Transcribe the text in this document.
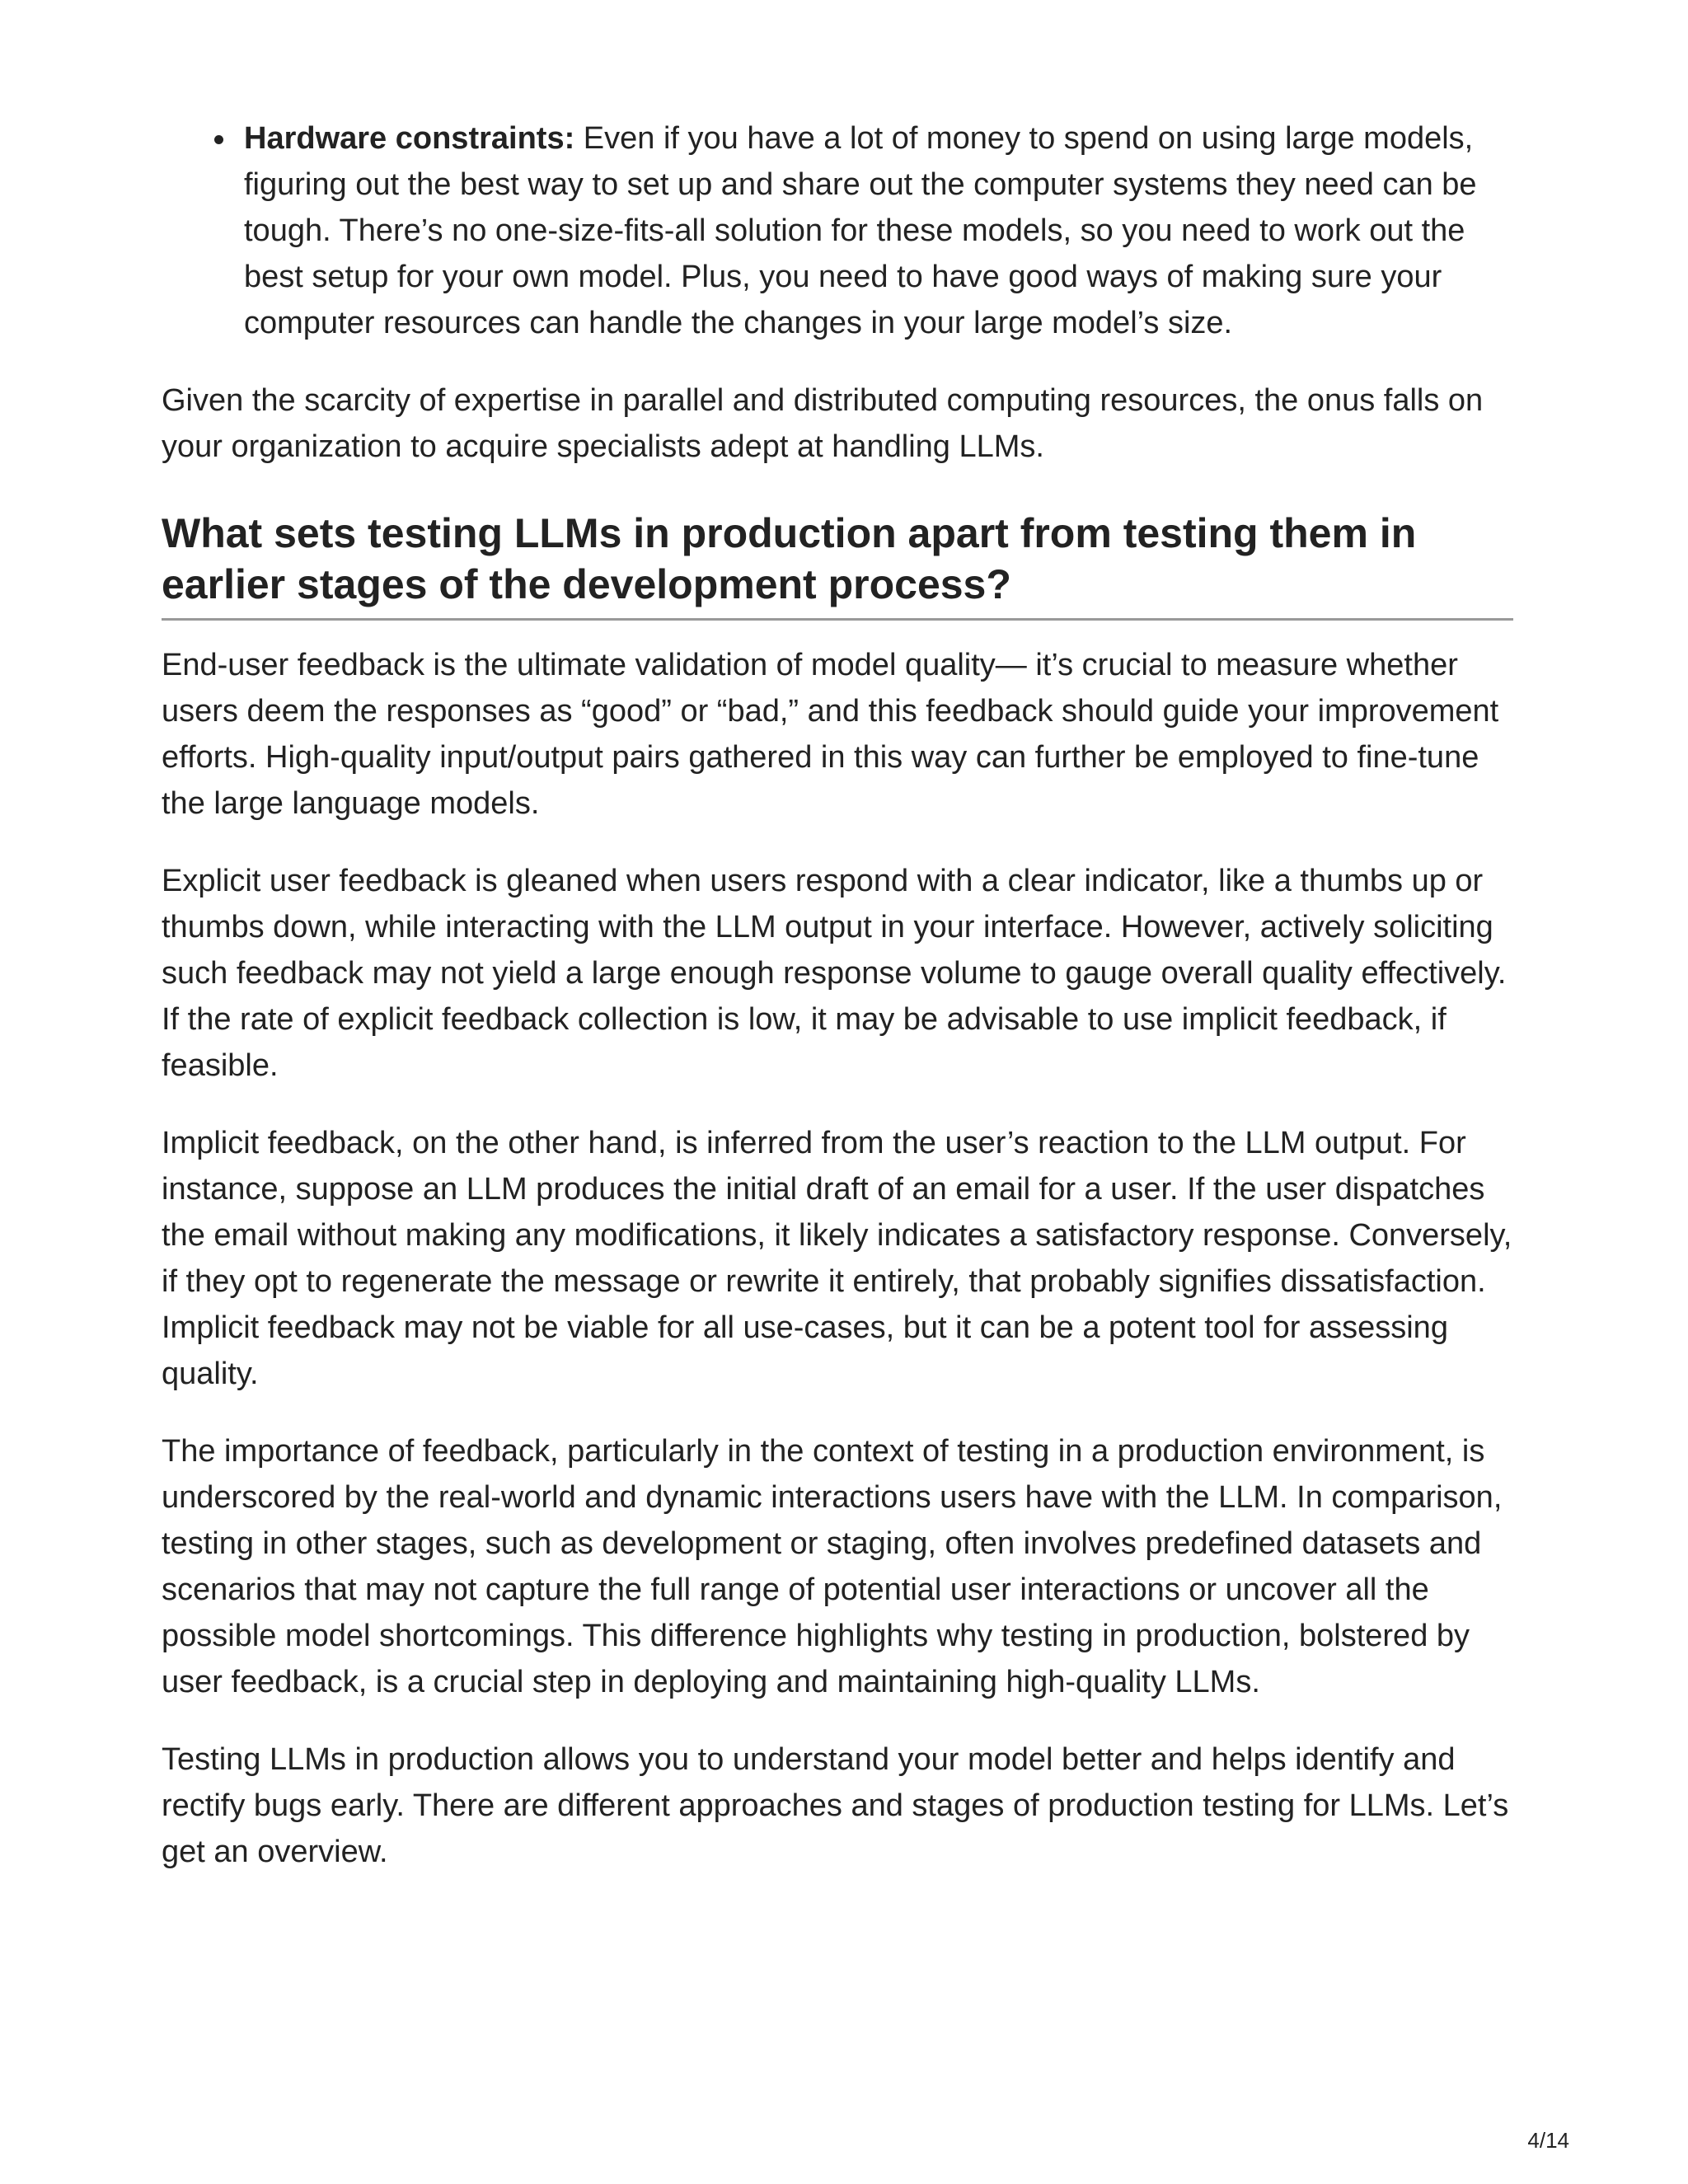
Hardware constraints: Even if you have a lot of money to spend on using large models, figuring out the best way to set up and share out the computer systems they need can be tough. There’s no one-size-fits-all solution for these models, so you need to work out the best setup for your own model. Plus, you need to have good ways of making sure your computer resources can handle the changes in your large model’s size.

Given the scarcity of expertise in parallel and distributed computing resources, the onus falls on your organization to acquire specialists adept at handling LLMs.

What sets testing LLMs in production apart from testing them in earlier stages of the development process?

End-user feedback is the ultimate validation of model quality— it’s crucial to measure whether users deem the responses as “good” or “bad,” and this feedback should guide your improvement efforts. High-quality input/output pairs gathered in this way can further be employed to fine-tune the large language models.

Explicit user feedback is gleaned when users respond with a clear indicator, like a thumbs up or thumbs down, while interacting with the LLM output in your interface. However, actively soliciting such feedback may not yield a large enough response volume to gauge overall quality effectively. If the rate of explicit feedback collection is low, it may be advisable to use implicit feedback, if feasible.

Implicit feedback, on the other hand, is inferred from the user’s reaction to the LLM output. For instance, suppose an LLM produces the initial draft of an email for a user. If the user dispatches the email without making any modifications, it likely indicates a satisfactory response. Conversely, if they opt to regenerate the message or rewrite it entirely, that probably signifies dissatisfaction. Implicit feedback may not be viable for all use-cases, but it can be a potent tool for assessing quality.

The importance of feedback, particularly in the context of testing in a production environment, is underscored by the real-world and dynamic interactions users have with the LLM. In comparison, testing in other stages, such as development or staging, often involves predefined datasets and scenarios that may not capture the full range of potential user interactions or uncover all the possible model shortcomings. This difference highlights why testing in production, bolstered by user feedback, is a crucial step in deploying and maintaining high-quality LLMs.

Testing LLMs in production allows you to understand your model better and helps identify and rectify bugs early. There are different approaches and stages of production testing for LLMs. Let’s get an overview.

4/14
